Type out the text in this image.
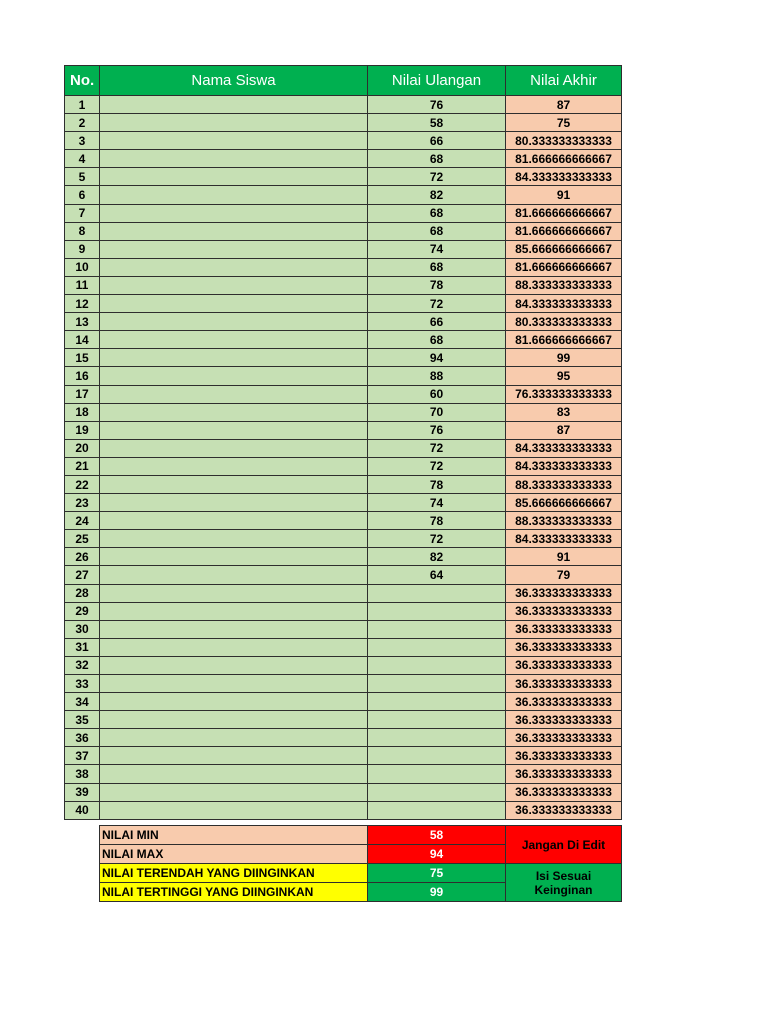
No.	Nama Siswa	Nilai Ulangan	Nilai Akhir
1		76	87
2		58	75
3		66	80.333333333333
4		68	81.666666666667
5		72	84.333333333333
6		82	91
7		68	81.666666666667
8		68	81.666666666667
9		74	85.666666666667
10		68	81.666666666667
11		78	88.333333333333
12		72	84.333333333333
13		66	80.333333333333
14		68	81.666666666667
15		94	99
16		88	95
17		60	76.333333333333
18		70	83
19		76	87
20		72	84.333333333333
21		72	84.333333333333
22		78	88.333333333333
23		74	85.666666666667
24		78	88.333333333333
25		72	84.333333333333
26		82	91
27		64	79
28			36.333333333333
29			36.333333333333
30			36.333333333333
31			36.333333333333
32			36.333333333333
33			36.333333333333
34			36.333333333333
35			36.333333333333
36			36.333333333333
37			36.333333333333
38			36.333333333333
39			36.333333333333
40			36.333333333333
NILAI MIN	58	Jangan Di Edit
NILAI MAX	94	
NILAI TERENDAH YANG DIINGINKAN	75	Isi Sesuai Keinginan
NILAI TERTINGGI YANG DIINGINKAN	99	
